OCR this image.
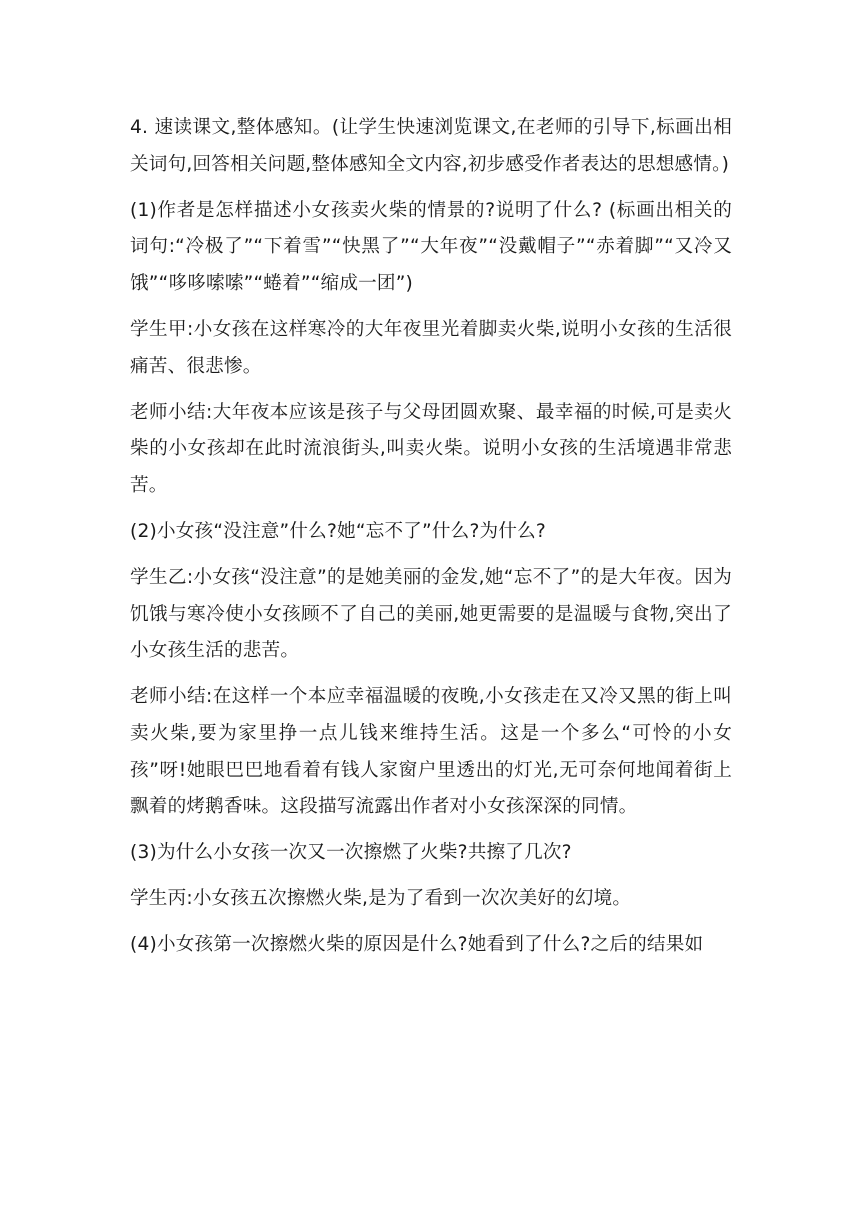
4. 速读课文,整体感知。(让学生快速浏览课文,在老师的引导下,标画出相关词句,回答相关问题,整体感知全文内容,初步感受作者表达的思想感情。)

(1)作者是怎样描述小女孩卖火柴的情景的?说明了什么? (标画出相关的词句:“冷极了”“下着雪”“快黑了”“大年夜”“没戴帽子”“赤着脚”“又冷又饿”“哆哆嗦嗦”“蜷着”“缩成一团”)

学生甲:小女孩在这样寒冷的大年夜里光着脚卖火柴,说明小女孩的生活很痛苦、很悲惨。

老师小结:大年夜本应该是孩子与父母团圆欢聚、最幸福的时候,可是卖火柴的小女孩却在此时流浪街头,叫卖火柴。说明小女孩的生活境遇非常悲苦。

(2)小女孩“没注意”什么?她“忘不了”什么?为什么?

学生乙:小女孩“没注意”的是她美丽的金发,她“忘不了”的是大年夜。因为饥饿与寒冷使小女孩顾不了自己的美丽,她更需要的是温暖与食物,突出了小女孩生活的悲苦。

老师小结:在这样一个本应幸福温暖的夜晚,小女孩走在又冷又黑的街上叫卖火柴,要为家里挣一点儿钱来维持生活。这是一个多么“可怜的小女孩”呀!她眼巴巴地看着有钱人家窗户里透出的灯光,无可奈何地闻着街上飘着的烤鹅香味。这段描写流露出作者对小女孩深深的同情。

(3)为什么小女孩一次又一次擦燃了火柴?共擦了几次?

学生丙:小女孩五次擦燃火柴,是为了看到一次次美好的幻境。

(4)小女孩第一次擦燃火柴的原因是什么?她看到了什么?之后的结果如
